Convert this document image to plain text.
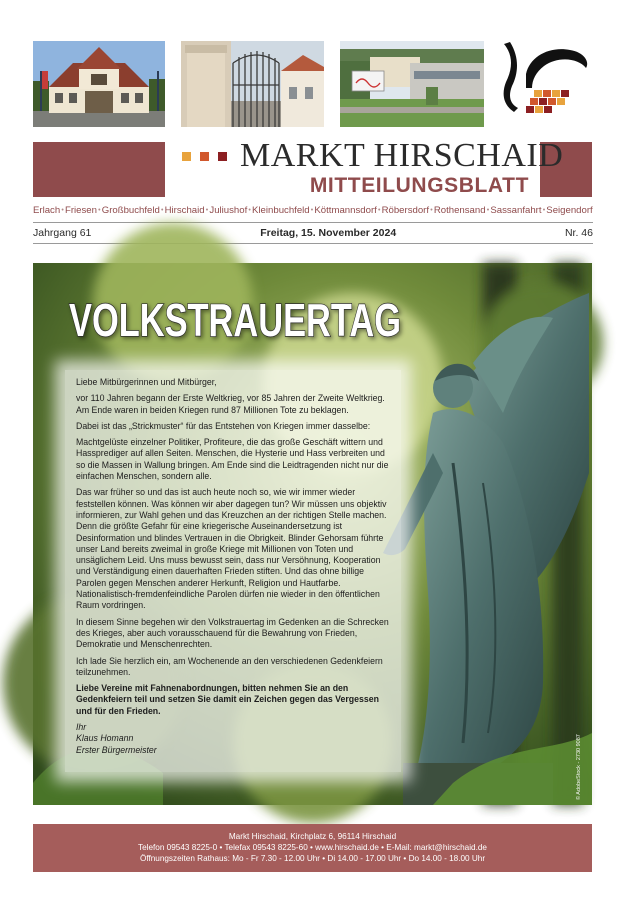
MARKT HIRSCHAID
MITTEILUNGSBLATT
Erlach • Friesen • Großbuchfeld • Hirschaid • Juliushof • Kleinbuchfeld • Köttmannsdorf • Röbersdorf • Rothensand • Sassanfahrt • Seigendorf
Jahrgang 61	Freitag, 15. November 2024	Nr. 46
VOLKSTRAUERTAG

Liebe Mitbürgerinnen und Mitbürger,

vor 110 Jahren begann der Erste Weltkrieg, vor 85 Jahren der Zweite Weltkrieg. Am Ende waren in beiden Kriegen rund 87 Millionen Tote zu beklagen.

Dabei ist das „Strickmuster“ für das Entstehen von Kriegen immer dasselbe:

Machtgelüste einzelner Politiker, Profiteure, die das große Geschäft wittern und Hassprediger auf allen Seiten. Menschen, die Hysterie und Hass verbreiten und so die Massen in Wallung bringen. Am Ende sind die Leidtragenden nicht nur die einfachen Menschen, sondern alle.

Das war früher so und das ist auch heute noch so, wie wir immer wieder feststellen können. Was können wir aber dagegen tun? Wir müssen uns objektiv informieren, zur Wahl gehen und das Kreuzchen an der richtigen Stelle machen. Denn die größte Gefahr für eine kriegerische Auseinandersetzung ist Desinformation und blindes Vertrauen in die Obrigkeit. Blinder Gehorsam führte unser Land bereits zweimal in große Kriege mit Millionen von Toten und unsäglichem Leid. Uns muss bewusst sein, dass nur Versöhnung, Kooperation und Verständigung einen dauerhaften Frieden stiften. Und das ohne billige Parolen gegen Menschen anderer Herkunft, Religion und Hautfarbe. Nationalistisch-fremdenfeindliche Parolen dürfen nie wieder in den öffentlichen Raum vordringen.

In diesem Sinne begehen wir den Volkstrauertag im Gedenken an die Schrecken des Krieges, aber auch vorausschauend für die Bewahrung von Frieden, Demokratie und Menschenrechten.

Ich lade Sie herzlich ein, am Wochenende an den verschiedenen Gedenkfeiern teilzunehmen.

Liebe Vereine mit Fahnenabordnungen, bitten nehmen Sie an den Gedenkfeiern teil und setzen Sie damit ein Zeichen gegen das Vergessen und für den Frieden.

Ihr
Klaus Homann
Erster Bürgermeister	© AdobeStock - 2730 9087
Markt Hirschaid, Kirchplatz 6, 96114 Hirschaid
Telefon 09543 8225-0 • Telefax 09543 8225-60 • www.hirschaid.de • E-Mail: markt@hirschaid.de
Öffnungszeiten Rathaus: Mo - Fr 7.30 - 12.00 Uhr • Di 14.00 - 17.00 Uhr • Do 14.00 - 18.00 Uhr
